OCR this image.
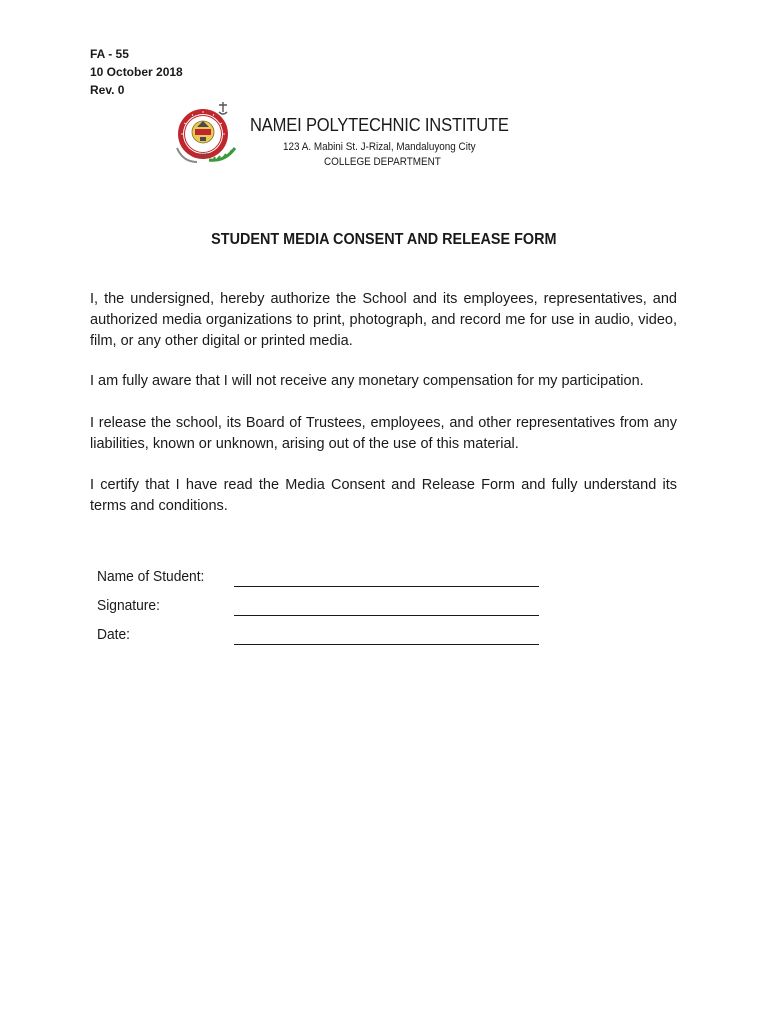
FA - 55
10 October 2018
Rev. 0
1960
NAMEI POLYTECHNIC INSTITUTE
123 A. Mabini St. J-Rizal, Mandaluyong City
COLLEGE DEPARTMENT
STUDENT MEDIA CONSENT AND RELEASE FORM
I, the undersigned, hereby authorize the School and its employees, representatives, and authorized media organizations to print, photograph, and record me for use in audio, video, film, or any other digital or printed media.
I am fully aware that I will not receive any monetary compensation for my participation.
I release the school, its Board of Trustees, employees, and other representatives from any liabilities, known or unknown, arising out of the use of this material.
I certify that I have read the Media Consent and Release Form and fully understand its terms and conditions.
Name of Student:
Signature:
Date:
